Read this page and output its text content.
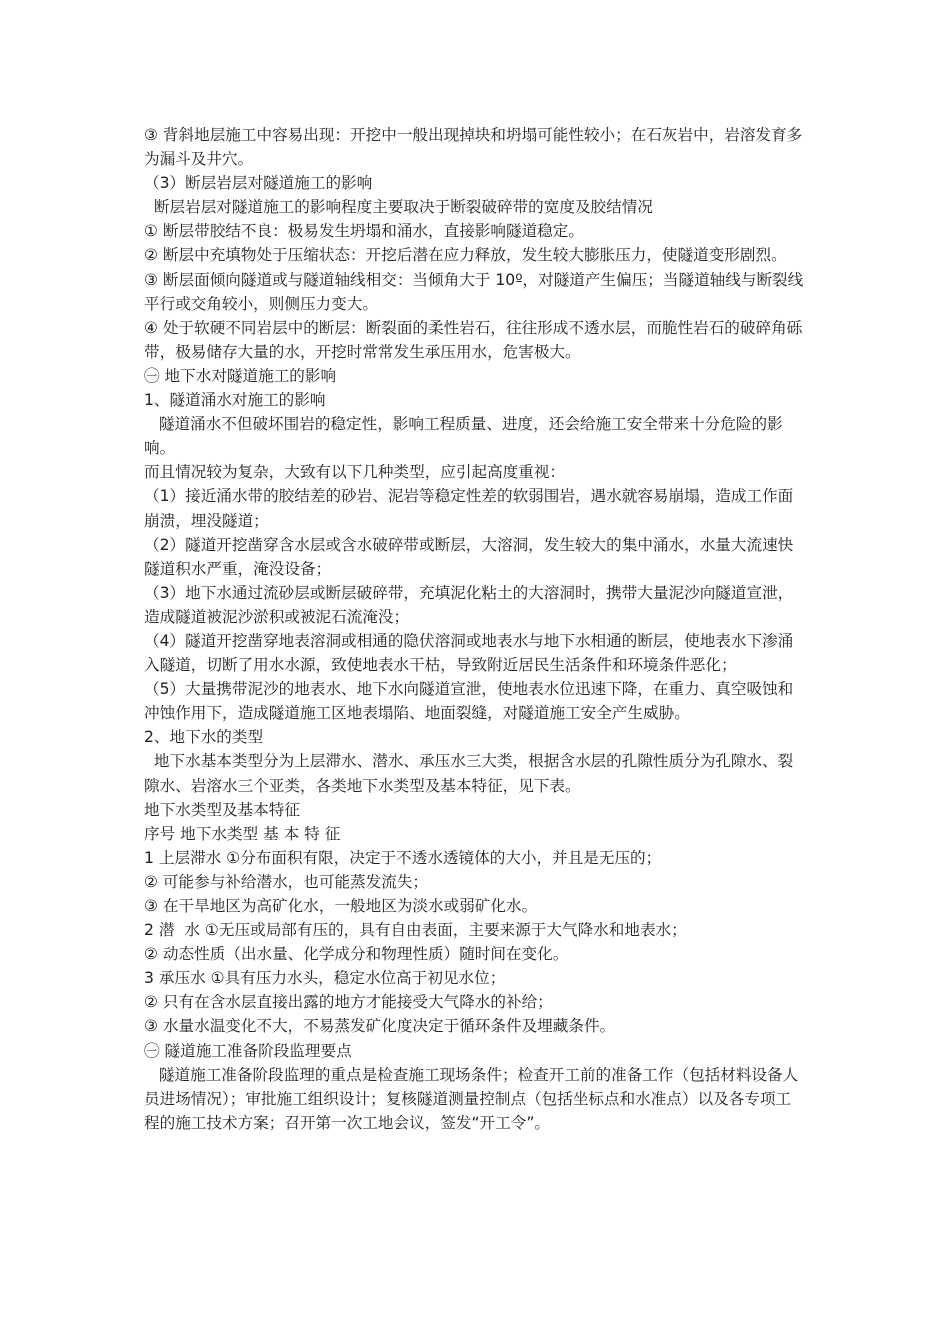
③ 背斜地层施工中容易出现：开挖中一般出现掉块和坍塌可能性较小；在石灰岩中，岩溶发育多为漏斗及井穴。

（3）断层岩层对隧道施工的影响

断层岩层对隧道施工的影响程度主要取决于断裂破碎带的宽度及胶结情况

① 断层带胶结不良：极易发生坍塌和涌水，直接影响隧道稳定。

② 断层中充填物处于压缩状态：开挖后潜在应力释放，发生较大膨胀压力，使隧道变形剧烈。

③ 断层面倾向隧道或与隧道轴线相交：当倾角大于 10º，对隧道产生偏压；当隧道轴线与断裂线平行或交角较小，则侧压力变大。

④ 处于软硬不同岩层中的断层：断裂面的柔性岩石，往往形成不透水层，而脆性岩石的破碎角砾带，极易储存大量的水，开挖时常常发生承压用水，危害极大。

㊀ 地下水对隧道施工的影响

1、隧道涌水对施工的影响

隧道涌水不但破坏围岩的稳定性，影响工程质量、进度，还会给施工安全带来十分危险的影响。

而且情况较为复杂，大致有以下几种类型，应引起高度重视：

（1）接近涌水带的胶结差的砂岩、泥岩等稳定性差的软弱围岩，遇水就容易崩塌，造成工作面崩溃，埋没隧道；

（2）隧道开挖凿穿含水层或含水破碎带或断层，大溶洞，发生较大的集中涌水，水量大流速快隧道积水严重，淹没设备；

（3）地下水通过流砂层或断层破碎带，充填泥化粘土的大溶洞时，携带大量泥沙向隧道宣泄，造成隧道被泥沙淤积或被泥石流淹没；

（4）隧道开挖凿穿地表溶洞或相通的隐伏溶洞或地表水与地下水相通的断层，使地表水下渗涌入隧道，切断了用水水源，致使地表水干枯，导致附近居民生活条件和环境条件恶化；

（5）大量携带泥沙的地表水、地下水向隧道宣泄，使地表水位迅速下降，在重力、真空吸蚀和冲蚀作用下，造成隧道施工区地表塌陷、地面裂缝，对隧道施工安全产生威胁。

2、地下水的类型

地下水基本类型分为上层滞水、潜水、承压水三大类，根据含水层的孔隙性质分为孔隙水、裂隙水、岩溶水三个亚类，各类地下水类型及基本特征，见下表。

地下水类型及基本特征

序号 地下水类型 基 本 特 征

1 上层滞水 ①分布面积有限，决定于不透水透镜体的大小，并且是无压的；

② 可能参与补给潜水，也可能蒸发流失；

③ 在干旱地区为高矿化水，一般地区为淡水或弱矿化水。

2 潜  水 ①无压或局部有压的，具有自由表面，主要来源于大气降水和地表水；

② 动态性质（出水量、化学成分和物理性质）随时间在变化。

3 承压水 ①具有压力水头，稳定水位高于初见水位；

② 只有在含水层直接出露的地方才能接受大气降水的补给；

③ 水量水温变化不大，不易蒸发矿化度决定于循环条件及埋藏条件。

㊀ 隧道施工准备阶段监理要点

隧道施工准备阶段监理的重点是检查施工现场条件；检查开工前的准备工作（包括材料设备人员进场情况）；审批施工组织设计；复核隧道测量控制点（包括坐标点和水准点）以及各专项工程的施工技术方案；召开第一次工地会议，签发“开工令”。
